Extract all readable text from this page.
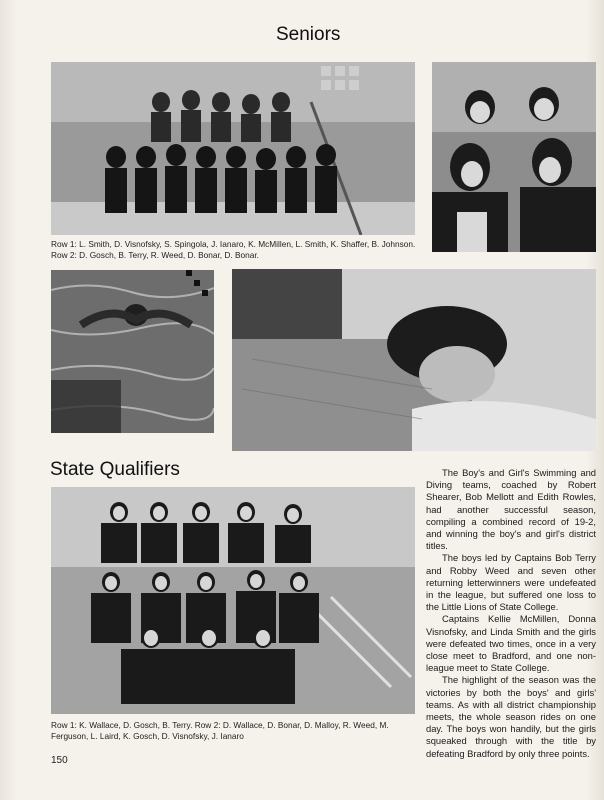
Seniors

Row 1: L. Smith, D. Visnofsky, S. Spingola, J. Ianaro, K. McMillen, L. Smith, K. Shaffer, B. Johnson. Row 2: D. Gosch, B. Terry, R. Weed, D. Bonar, D. Bonar.

State Qualifiers

Row 1: K. Wallace, D. Gosch, B. Terry. Row 2: D. Wallace, D. Bonar, D. Malloy, R. Weed, M. Ferguson, L. Laird, K. Gosch, D. Visnofsky, J. Ianaro

The Boy's and Girl's Swimming and Diving teams, coached by Robert Shearer, Bob Mellott and Edith Rowles, had another successful season, compiling a combined record of 19-2, and winning the boy's and girl's district titles.

The boys led by Captains Bob Terry and Robby Weed and seven other returning letterwinners were undefeated in the league, but suffered one loss to the Little Lions of State College.

Captains Kellie McMillen, Donna Visnofsky, and Linda Smith and the girls were defeated two times, once in a very close meet to Bradford, and one non-league meet to State College.

The highlight of the season was the victories by both the boys' and girls' teams. As with all district championship meets, the whole season rides on one day. The boys won handily, but the girls squeaked through with the title by defeating Bradford by only three points.

150
